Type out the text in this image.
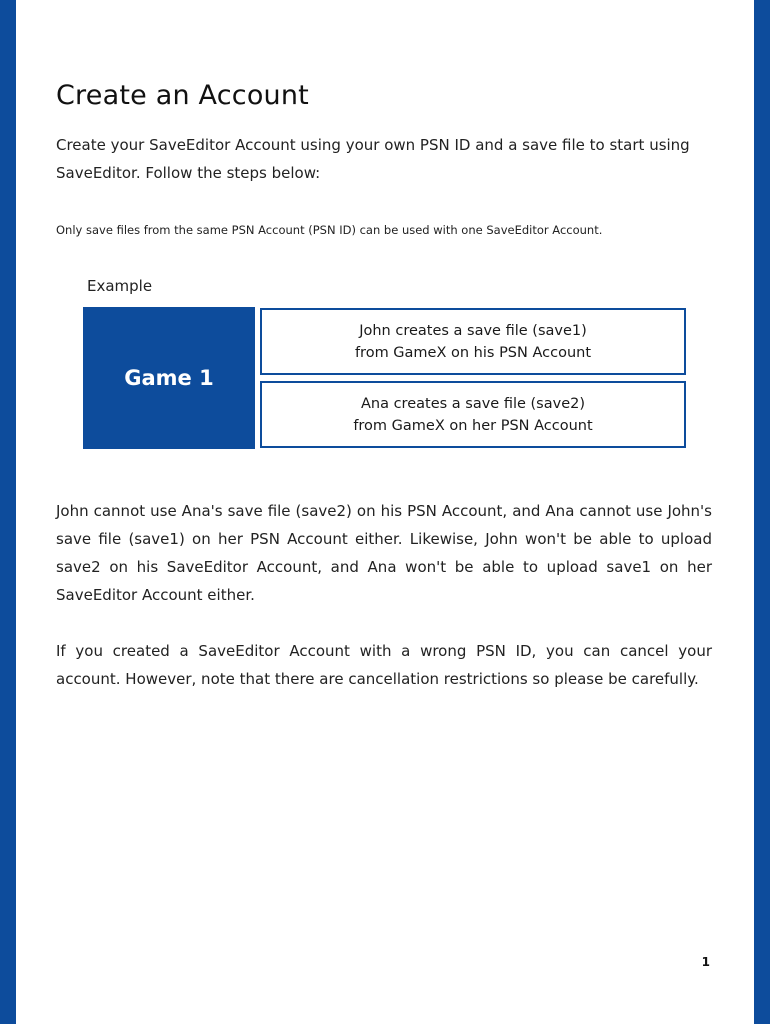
Create an Account

Create your SaveEditor Account using your own PSN ID and a save file to start using SaveEditor. Follow the steps below:

Only save files from the same PSN Account (PSN ID) can be used with one SaveEditor Account.

Example

Game 1
John creates a save file (save1)
from GameX on his PSN Account
Ana creates a save file (save2)
from GameX on her PSN Account

John cannot use Ana's save file (save2) on his PSN Account, and Ana cannot use John's save file (save1) on her PSN Account either. Likewise, John won't be able to upload save2 on his SaveEditor Account, and Ana won't be able to upload save1 on her SaveEditor Account either.

If you created a SaveEditor Account with a wrong PSN ID, you can cancel your account. However, note that there are cancellation restrictions so please be carefully.

1
